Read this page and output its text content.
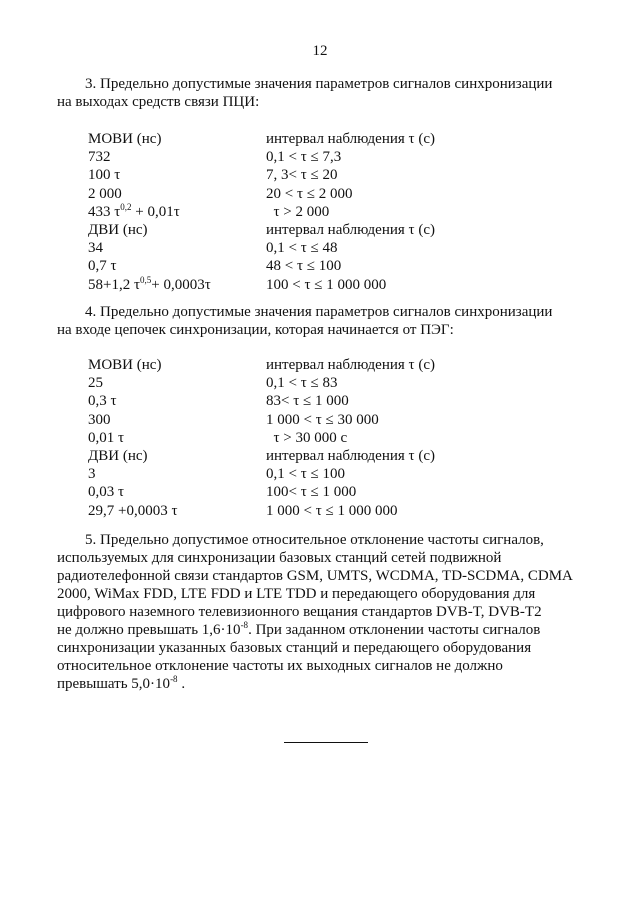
12
3. Предельно допустимые значения параметров сигналов синхронизации
на выходах средств связи ПЦИ:
МОВИ (нс)	интервал наблюдения τ (с)
732	0,1 < τ ≤ 7,3
100 τ	7, 3< τ ≤ 20
2 000	20 < τ ≤ 2 000
433 $\tau^{0,2} + 0,01\tau$	τ > 2 000
ДВИ (нс)	интервал наблюдения τ (с)
34	0,1 < τ ≤ 48
0,7 τ	48 < τ ≤ 100
58+1,2 $\tau^{0,5}+ 0,0003\tau$	100 < τ ≤ 1 000 000
4. Предельно допустимые значения параметров сигналов синхронизации
на входе цепочек синхронизации, которая начинается от ПЭГ:
МОВИ (нс)	интервал наблюдения τ (с)
25	0,1 < τ ≤ 83
0,3 τ	83< τ ≤ 1 000
300	1 000 < τ ≤ 30 000
0,01 τ	τ > 30 000 с
ДВИ (нс)	интервал наблюдения τ (с)
3	0,1 < τ ≤ 100
0,03 τ	100< τ ≤ 1 000
29,7 +0,0003 τ	1 000 < τ ≤ 1 000 000
5. Предельно допустимое относительное отклонение частоты сигналов,
используемых для синхронизации базовых станций сетей подвижной
радиотелефонной связи стандартов GSM, UMTS, WCDMA, TD-SCDMA, CDMA
2000, WiMax FDD, LTE FDD и LTE TDD и передающего оборудования для
цифрового наземного телевизионного вещания стандартов DVB-T, DVB-T2
не должно превышать $1,6\cdot 10^{-8}$. При заданном отклонении частоты сигналов
синхронизации указанных базовых станций и передающего оборудования
относительное отклонение частоты их выходных сигналов не должно
превышать $5,0\cdot 10^{-8}$ .
